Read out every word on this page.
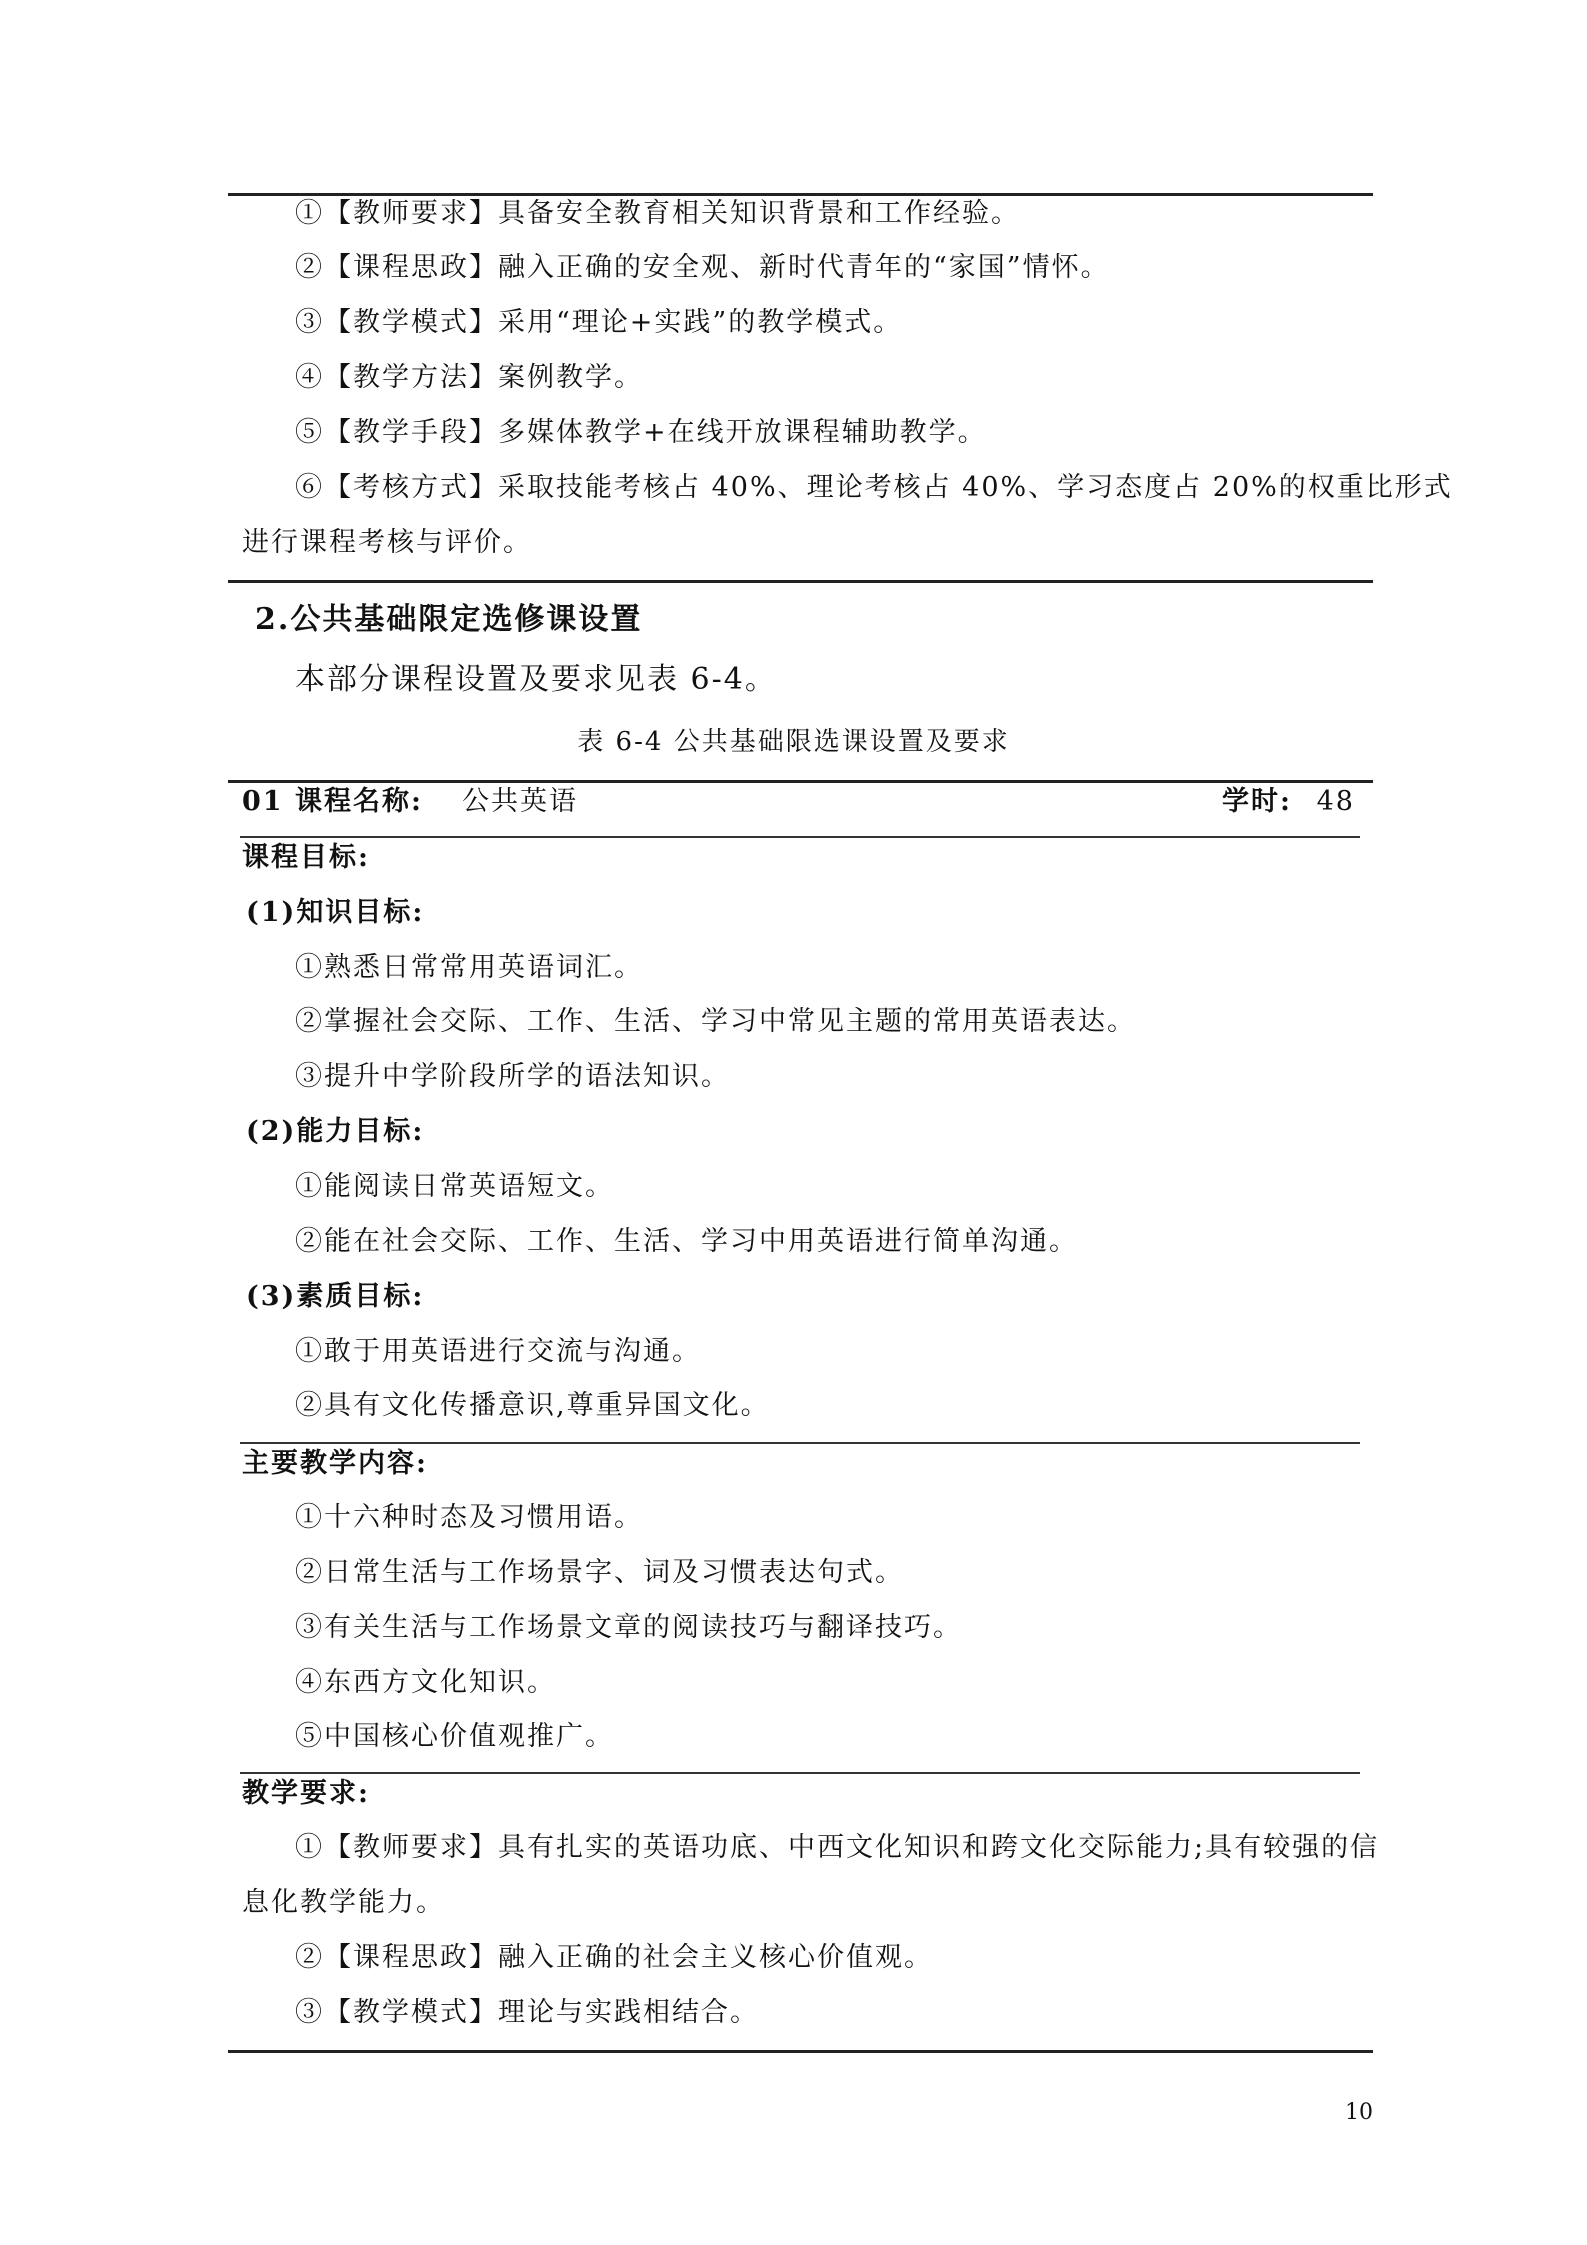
①【教师要求】具备安全教育相关知识背景和工作经验。
②【课程思政】融入正确的安全观、新时代青年的“家国”情怀。
③【教学模式】采用“理论+实践”的教学模式。
④【教学方法】案例教学。
⑤【教学手段】多媒体教学+在线开放课程辅助教学。
⑥【考核方式】采取技能考核占 40%、理论考核占 40%、学习态度占 20%的权重比形式
进行课程考核与评价。
2.公共基础限定选修课设置
本部分课程设置及要求见表 6-4。
表 6-4 公共基础限选课设置及要求
01 课程名称: 公共英语	学时: 48
课程目标:
(1)知识目标:
①熟悉日常常用英语词汇。
②掌握社会交际、工作、生活、学习中常见主题的常用英语表达。
③提升中学阶段所学的语法知识。
(2)能力目标:
①能阅读日常英语短文。
②能在社会交际、工作、生活、学习中用英语进行简单沟通。
(3)素质目标:
①敢于用英语进行交流与沟通。
②具有文化传播意识,尊重异国文化。
主要教学内容:
①十六种时态及习惯用语。
②日常生活与工作场景字、词及习惯表达句式。
③有关生活与工作场景文章的阅读技巧与翻译技巧。
④东西方文化知识。
⑤中国核心价值观推广。
教学要求:
①【教师要求】具有扎实的英语功底、中西文化知识和跨文化交际能力;具有较强的信
息化教学能力。
②【课程思政】融入正确的社会主义核心价值观。
③【教学模式】理论与实践相结合。
10
